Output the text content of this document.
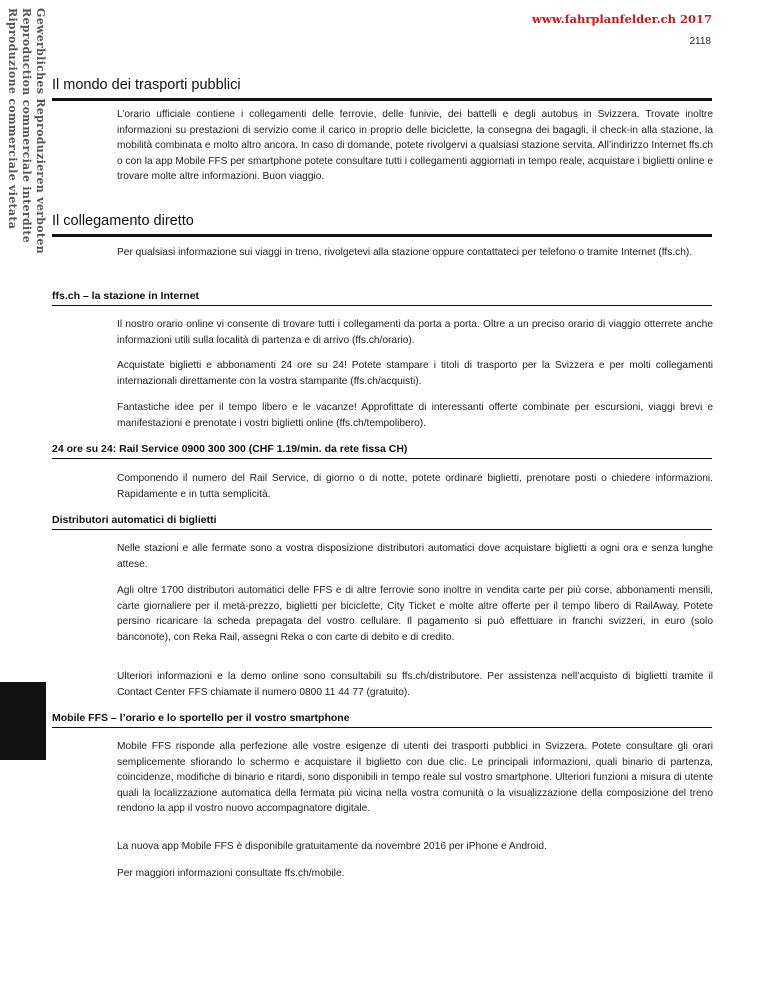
Gewerbliches Reproduzieren verboten
Reproduction commerciale interdite
Riproduzione commerciale vietata	www.fahrplanfelder.ch 2017
2118
Il mondo dei trasporti pubblici
L’orario ufficiale contiene i collegamenti delle ferrovie, delle funivie, dei battelli e degli autobus in Svizzera. Trovate inoltre informazioni su prestazioni di servizio come il carico in proprio delle biciclette, la consegna dei bagagli, il check-in alla stazione, la mobilità combinata e molto altro ancora. In caso di domande, potete rivolgervi a qualsiasi stazione servita. All’indirizzo Internet ffs.ch o con la app Mobile FFS per smartphone potete consultare tutti i collegamenti aggiornati in tempo reale, acquistare i biglietti online e trovare molte altre informazioni. Buon viaggio.
Il collegamento diretto
Per qualsiasi informazione sui viaggi in treno, rivolgetevi alla stazione oppure contattateci per telefono o tramite Internet (ffs.ch).
ffs.ch – la stazione in Internet
Il nostro orario online vi consente di trovare tutti i collegamenti da porta a porta. Oltre a un preciso orario di viaggio otterrete anche informazioni utili sulla località di partenza e di arrivo (ffs.ch/orario).
Acquistate biglietti e abbonamenti 24 ore su 24! Potete stampare i titoli di trasporto per la Svizzera e per molti collegamenti internazionali direttamente con la vostra stampante (ffs.ch/acquisti).
Fantastiche idee per il tempo libero e le vacanze! Approfittate di interessanti offerte combinate per escursioni, viaggi brevi e manifestazioni e prenotate i vostri biglietti online (ffs.ch/tempolibero).
24 ore su 24: Rail Service 0900 300 300 (CHF 1.19/min. da rete fissa CH)
Componendo il numero del Rail Service, di giorno o di notte, potete ordinare biglietti, prenotare posti o chiedere informazioni. Rapidamente e in tutta semplicità.
Distributori automatici di biglietti
Nelle stazioni e alle fermate sono a vostra disposizione distributori automatici dove acquistare biglietti a ogni ora e senza lunghe attese.
Agli oltre 1700 distributori automatici delle FFS e di altre ferrovie sono inoltre in vendita carte per più corse, abbonamenti mensili, carte giornaliere per il metà-prezzo, biglietti per biciclette, City Ticket e molte altre offerte per il tempo libero di RailAway. Potete persino ricaricare la scheda prepagata del vostro cellulare. Il pagamento si può effettuare in franchi svizzeri, in euro (solo banconote), con Reka Rail, assegni Reka o con carte di debito e di credito.
Ulteriori informazioni e la demo online sono consultabili su ffs.ch/distributore. Per assistenza nell’acquisto di biglietti tramite il Contact Center FFS chiamate il numero 0800 11 44 77 (gratuito).
Mobile FFS – l’orario e lo sportello per il vostro smartphone
Mobile FFS risponde alla perfezione alle vostre esigenze di utenti dei trasporti pubblici in Svizzera. Potete consultare gli orari semplicemente sfiorando lo schermo e acquistare il biglietto con due clic. Le principali informazioni, quali binario di partenza, coincidenze, modifiche di binario e ritardi, sono disponibili in tempo reale sul vostro smartphone. Ulteriori funzioni a misura di utente quali la localizzazione automatica della fermata più vicina nella vostra comunità o la visualizzazione della composizione del treno rendono la app il vostro nuovo accompagnatore digitale.
La nuova app Mobile FFS è disponibile gratuitamente da novembre 2016 per iPhone e Android.
Per maggiori informazioni consultate ffs.ch/mobile.
